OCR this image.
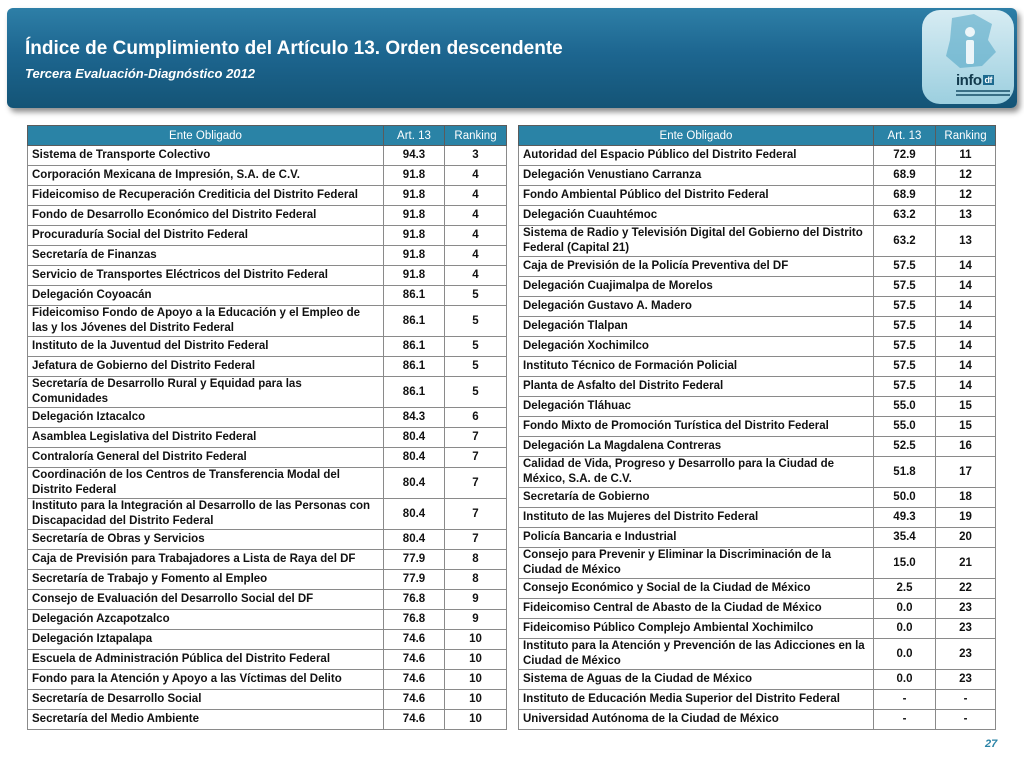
Índice de Cumplimiento del Artículo 13. Orden descendente
Tercera Evaluación-Diagnóstico 2012	info df
Ente Obligado	Art. 13	Ranking
Sistema de Transporte Colectivo	94.3	3
Corporación Mexicana de Impresión, S.A. de C.V.	91.8	4
Fideicomiso de Recuperación Crediticia del Distrito Federal	91.8	4
Fondo de Desarrollo Económico del Distrito Federal	91.8	4
Procuraduría Social del Distrito Federal	91.8	4
Secretaría de Finanzas	91.8	4
Servicio de Transportes Eléctricos del Distrito Federal	91.8	4
Delegación Coyoacán	86.1	5
Fideicomiso Fondo de Apoyo a la Educación y el Empleo de las y los Jóvenes del Distrito Federal	86.1	5
Instituto de la Juventud del Distrito Federal	86.1	5
Jefatura de Gobierno del Distrito Federal	86.1	5
Secretaría de Desarrollo Rural y Equidad para las Comunidades	86.1	5
Delegación Iztacalco	84.3	6
Asamblea Legislativa del Distrito Federal	80.4	7
Contraloría General del Distrito Federal	80.4	7
Coordinación de los Centros de Transferencia Modal del Distrito Federal	80.4	7
Instituto para la Integración al Desarrollo de las Personas con Discapacidad del Distrito Federal	80.4	7
Secretaría de Obras y Servicios	80.4	7
Caja de Previsión para Trabajadores a Lista de Raya del DF	77.9	8
Secretaría de Trabajo y Fomento al Empleo	77.9	8
Consejo de Evaluación del Desarrollo Social del DF	76.8	9
Delegación Azcapotzalco	76.8	9
Delegación Iztapalapa	74.6	10
Escuela de Administración Pública del Distrito Federal	74.6	10
Fondo para la Atención y Apoyo a las Víctimas del Delito	74.6	10
Secretaría de Desarrollo Social	74.6	10
Secretaría del Medio Ambiente	74.6	10
Ente Obligado	Art. 13	Ranking
Autoridad del Espacio Público del Distrito Federal	72.9	11
Delegación Venustiano Carranza	68.9	12
Fondo Ambiental Público del Distrito Federal	68.9	12
Delegación Cuauhtémoc	63.2	13
Sistema de Radio y Televisión Digital del Gobierno del Distrito Federal (Capital 21)	63.2	13
Caja de Previsión de la Policía Preventiva del DF	57.5	14
Delegación Cuajimalpa de Morelos	57.5	14
Delegación Gustavo A. Madero	57.5	14
Delegación Tlalpan	57.5	14
Delegación Xochimilco	57.5	14
Instituto Técnico de Formación Policial	57.5	14
Planta de Asfalto del Distrito Federal	57.5	14
Delegación Tláhuac	55.0	15
Fondo Mixto de Promoción Turística del Distrito Federal	55.0	15
Delegación La Magdalena Contreras	52.5	16
Calidad de Vida, Progreso y Desarrollo para la Ciudad de México, S.A. de C.V.	51.8	17
Secretaría de Gobierno	50.0	18
Instituto de las Mujeres del Distrito Federal	49.3	19
Policía Bancaria e Industrial	35.4	20
Consejo para Prevenir y Eliminar la Discriminación de la Ciudad de México	15.0	21
Consejo Económico y Social de la Ciudad de México	2.5	22
Fideicomiso Central de Abasto de la Ciudad de México	0.0	23
Fideicomiso Público Complejo Ambiental Xochimilco	0.0	23
Instituto para la Atención y Prevención de las Adicciones en la Ciudad de México	0.0	23
Sistema de Aguas de la Ciudad de México	0.0	23
Instituto de Educación Media Superior del Distrito Federal	-	-
Universidad Autónoma de la Ciudad de México	-	-
27
